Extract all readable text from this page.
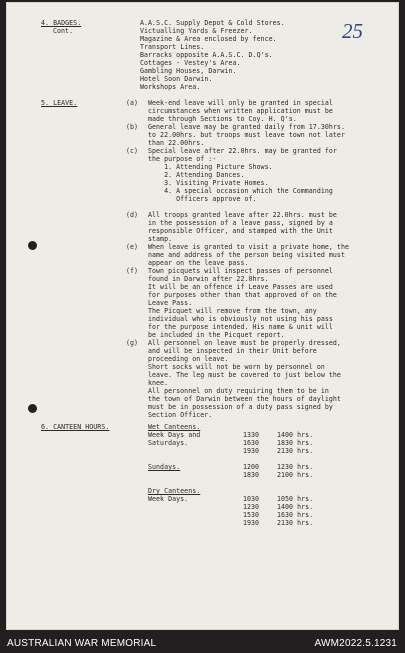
25
4. BADGES.
Cont.
A.A.S.C. Supply Depot & Cold Stores.
Victualling Yards & Freezer.
Magazine & Area enclosed by fence.
Transport Lines.
Barracks opposite A.A.S.C. D.Q's.
Cottages - Vestey's Area.
Gambling Houses, Darwin.
Hotel Soon Darwin.
Workshops Area.
5. LEAVE.	(a) Week-end leave will only be granted in special
circumstances when written application must be
made through Sections to Coy. H. Q's.
(b) General leave may be granted daily from 17.30hrs.
to 22.00hrs. but troops must leave town not later
than 22.00hrs.
(c) Special leave after 22.0hrs. may be granted for
the purpose of :-
1. Attending Picture Shows.
2. Attending Dances.
3. Visiting Private Homes.
4. A special occasion which the Commanding
Officers approve of.
(d) All troops granted leave after 22.0hrs. must be
in the possession of a leave pass, signed by a
responsible Officer, and stamped with the Unit
stamp.
(e) When leave is granted to visit a private home, the
name and address of the person being visited must
appear on the leave pass.
(f) Town picquets will inspect passes of personnel
found in Darwin after 22.0hrs.
It will be an offence if Leave Passes are used
for purposes other than that approved of on the
Leave Pass.
The Picquet will remove from the town, any
individual who is obviously not using his pass
for the purpose intended. His name & unit will
be included in the Picquet report.
(g) All personnel on leave must be properly dressed,
and will be inspected in their Unit before
proceeding on leave.
Short socks will not be worn by personnel on
leave. The leg must be covered to just below the
knee.
All personnel on duty requiring them to be in
the town of Darwin between the hours of daylight
must be in possession of a duty pass signed by
Section Officer.
6. CANTEEN HOURS.	Wet Canteens.
Week Days and
Saturdays.
1330	1400 hrs.
1630	1830 hrs.
1930	2130 hrs.
Sundays.	1200	1230 hrs.
1830	2100 hrs.
Dry Canteens.
Week Days.	1030	1050 hrs.
1230	1400 hrs.
1530	1630 hrs.
1930	2130 hrs.
AUSTRALIAN WAR MEMORIAL	AWM2022.5.1231
